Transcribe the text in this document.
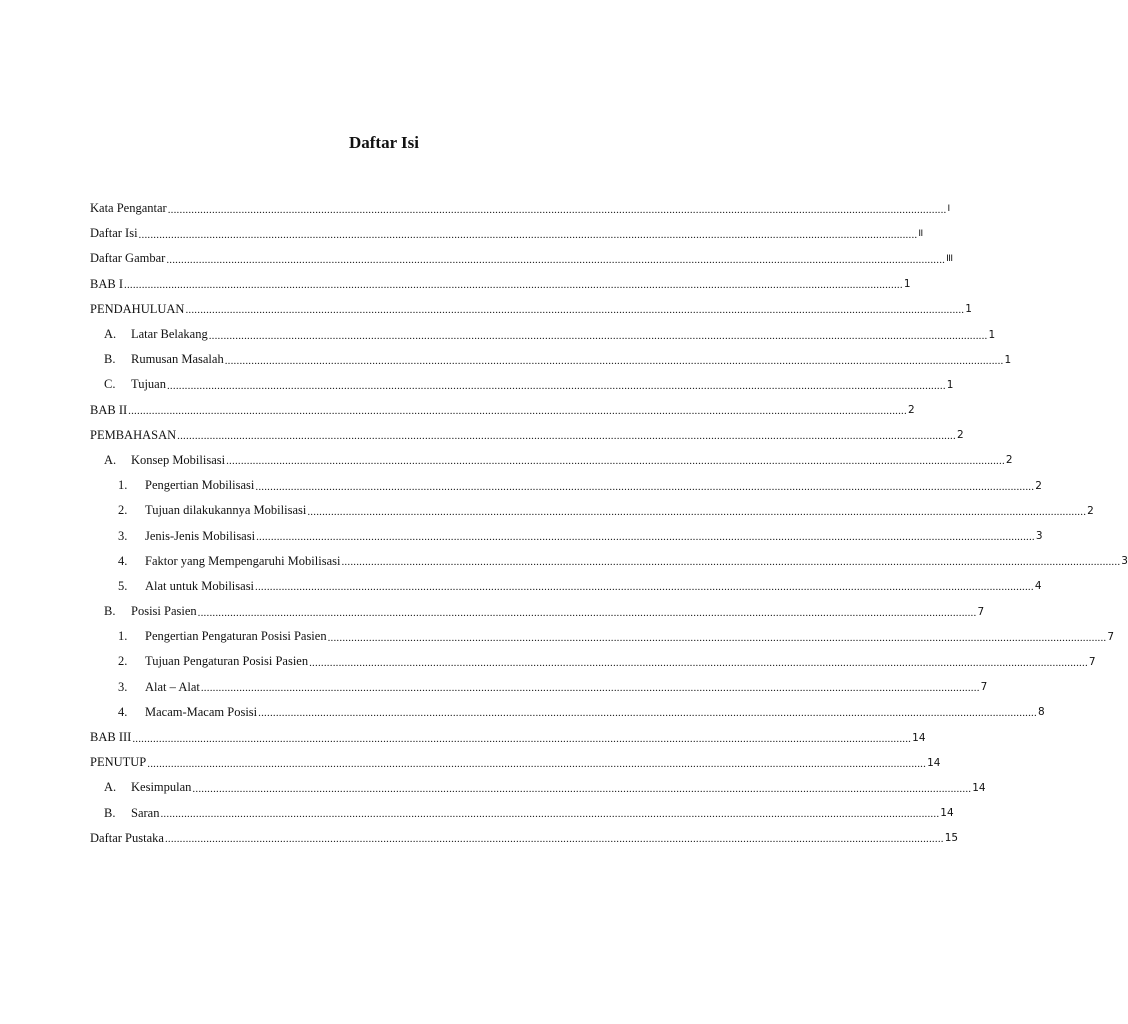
Daftar Isi
Kata Pengantar ........................................................................................................................................................................................................................................................................ I
Daftar Isi ........................................................................................................................................................................................................................................................................ II
Daftar Gambar ........................................................................................................................................................................................................................................................................ III
BAB I ........................................................................................................................................................................................................................................................................ 1
PENDAHULUAN ........................................................................................................................................................................................................................................................................ 1
A.	Latar Belakang ........................................................................................................................................................................................................................................................................ 1
B.	Rumusan Masalah ........................................................................................................................................................................................................................................................................ 1
C.	Tujuan ........................................................................................................................................................................................................................................................................ 1
BAB II ........................................................................................................................................................................................................................................................................ 2
PEMBAHASAN ........................................................................................................................................................................................................................................................................ 2
A.	Konsep Mobilisasi ........................................................................................................................................................................................................................................................................ 2
1.	Pengertian Mobilisasi ........................................................................................................................................................................................................................................................................ 2
2.	Tujuan dilakukannya Mobilisasi ........................................................................................................................................................................................................................................................................ 2
3.	Jenis-Jenis Mobilisasi ........................................................................................................................................................................................................................................................................ 3
4.	Faktor yang Mempengaruhi Mobilisasi ........................................................................................................................................................................................................................................................................ 3
5.	Alat untuk Mobilisasi ........................................................................................................................................................................................................................................................................ 4
B.	Posisi Pasien ........................................................................................................................................................................................................................................................................ 7
1.	Pengertian Pengaturan Posisi Pasien ........................................................................................................................................................................................................................................................................ 7
2.	Tujuan Pengaturan Posisi Pasien ........................................................................................................................................................................................................................................................................ 7
3.	Alat – Alat ........................................................................................................................................................................................................................................................................ 7
4.	Macam-Macam Posisi ........................................................................................................................................................................................................................................................................ 8
BAB III ........................................................................................................................................................................................................................................................................ 14
PENUTUP ........................................................................................................................................................................................................................................................................ 14
A.	Kesimpulan ........................................................................................................................................................................................................................................................................ 14
B.	Saran ........................................................................................................................................................................................................................................................................ 14
Daftar Pustaka ........................................................................................................................................................................................................................................................................ 15
